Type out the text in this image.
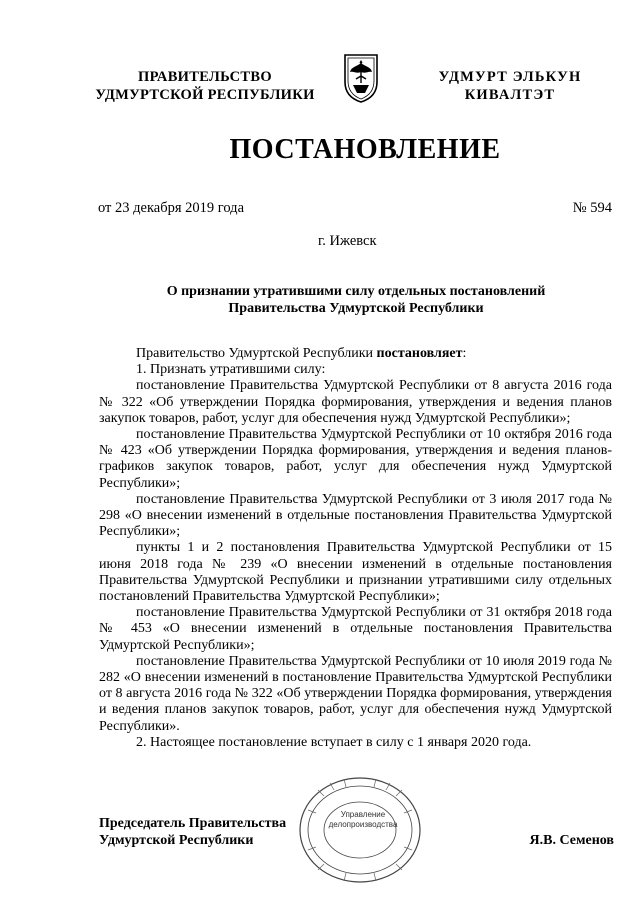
ПРАВИТЕЛЬСТВО
УДМУРТСКОЙ РЕСПУБЛИКИ
УДМУРТ ЭЛЬКУН
КИВАЛТЭТ
ПОСТАНОВЛЕНИЕ
от 23 декабря 2019 года	№ 594
г. Ижевск
О признании утратившими силу отдельных постановлений
Правительства Удмуртской Республики

Правительство Удмуртской Республики постановляет:

1. Признать утратившими силу:

постановление Правительства Удмуртской Республики от 8 августа 2016 года № 322 «Об утверждении Порядка формирования, утверждения и ведения планов закупок товаров, работ, услуг для обеспечения нужд Удмуртской Республики»;

постановление Правительства Удмуртской Республики от 10 октября 2016 года № 423 «Об утверждении Порядка формирования, утверждения и ведения планов-графиков закупок товаров, работ, услуг для обеспечения нужд Удмуртской Республики»;

постановление Правительства Удмуртской Республики от 3 июля 2017 года № 298 «О внесении изменений в отдельные постановления Правительства Удмуртской Республики»;

пункты 1 и 2 постановления Правительства Удмуртской Республики от 15 июня 2018 года № 239 «О внесении изменений в отдельные постановления Правительства Удмуртской Республики и признании утратившими силу отдельных постановлений Правительства Удмуртской Республики»;

постановление Правительства Удмуртской Республики от 31 октября 2018 года № 453 «О внесении изменений в отдельные постановления Правительства Удмуртской Республики»;

постановление Правительства Удмуртской Республики от 10 июля 2019 года № 282 «О внесении изменений в постановление Правительства Удмуртской Республики от 8 августа 2016 года № 322 «Об утверждении Порядка формирования, утверждения и ведения планов закупок товаров, работ, услуг для обеспечения нужд Удмуртской Республики».

2. Настоящее постановление вступает в силу с 1 января 2020 года.

Управление
делопроизводства
Председатель Правительства
Удмуртской Республики	Я.В. Семенов
